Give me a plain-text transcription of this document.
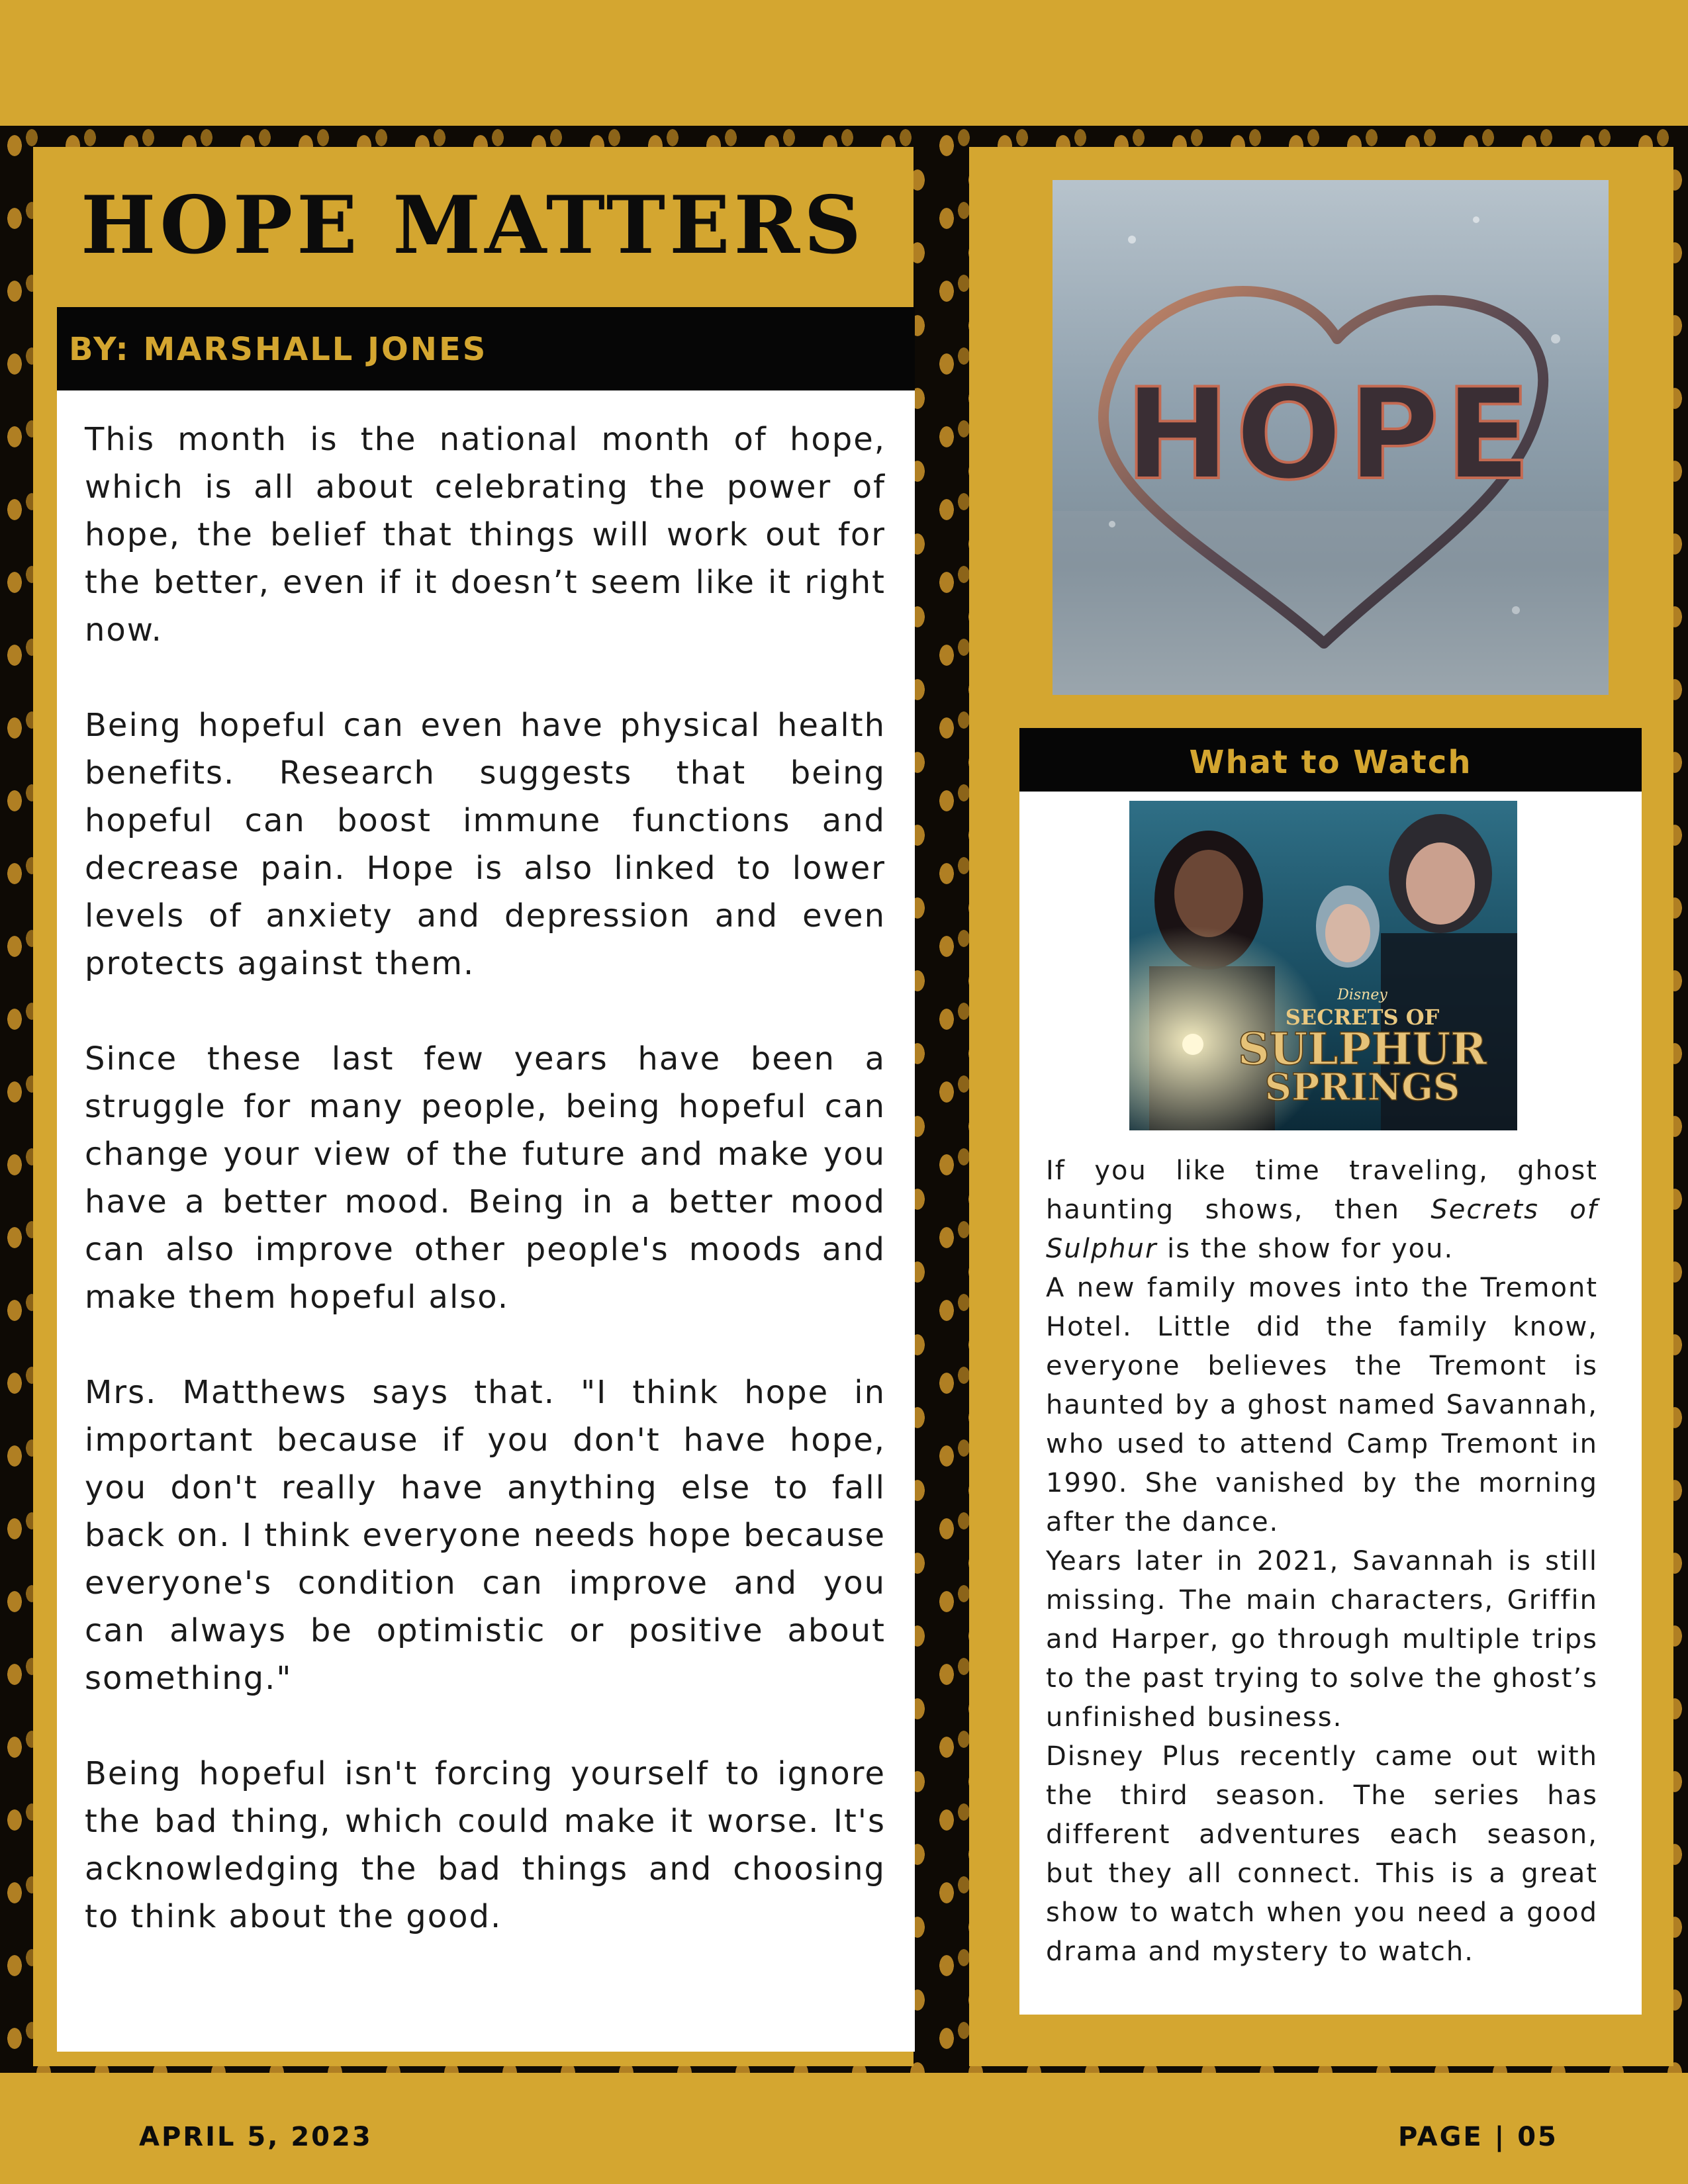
HOPE MATTERS

BY: MARSHALL JONES

This month is the national month of hope, which is all about celebrating the power of hope, the belief that things will work out for the better, even if it doesn’t seem like it right now.

Being hopeful can even have physical health benefits. Research suggests that being hopeful can boost immune functions and decrease pain. Hope is also linked to lower levels of anxiety and depression and even protects against them.

Since these last few years have been a struggle for many people, being hopeful can change your view of the future and make you have a better mood. Being in a better mood can also improve other people's moods and make them hopeful also.

Mrs. Matthews says that. "I think hope in important because if you don't have hope, you don't really have anything else to fall back on. I think everyone needs hope because everyone's condition can improve and you can always be optimistic or positive about something."

Being hopeful isn't forcing yourself to ignore the bad thing, which could make it worse. It's acknowledging the bad things and choosing to think about the good.

HOPE

What to Watch

Disney
SECRETS OF
SULPHUR
SPRINGS

If you like time traveling, ghost haunting shows, then Secrets of Sulphur is the show for you.

A new family moves into the Tremont Hotel. Little did the family know, everyone believes the Tremont is haunted by a ghost named Savannah, who used to attend Camp Tremont in 1990. She vanished by the morning after the dance.

Years later in 2021, Savannah is still missing. The main characters, Griffin and Harper, go through multiple trips to the past trying to solve the ghost’s unfinished business.

Disney Plus recently came out with the third season. The series has different adventures each season, but they all connect. This is a great show to watch when you need a good drama and mystery to watch.

APRIL 5, 2023	PAGE | 05
